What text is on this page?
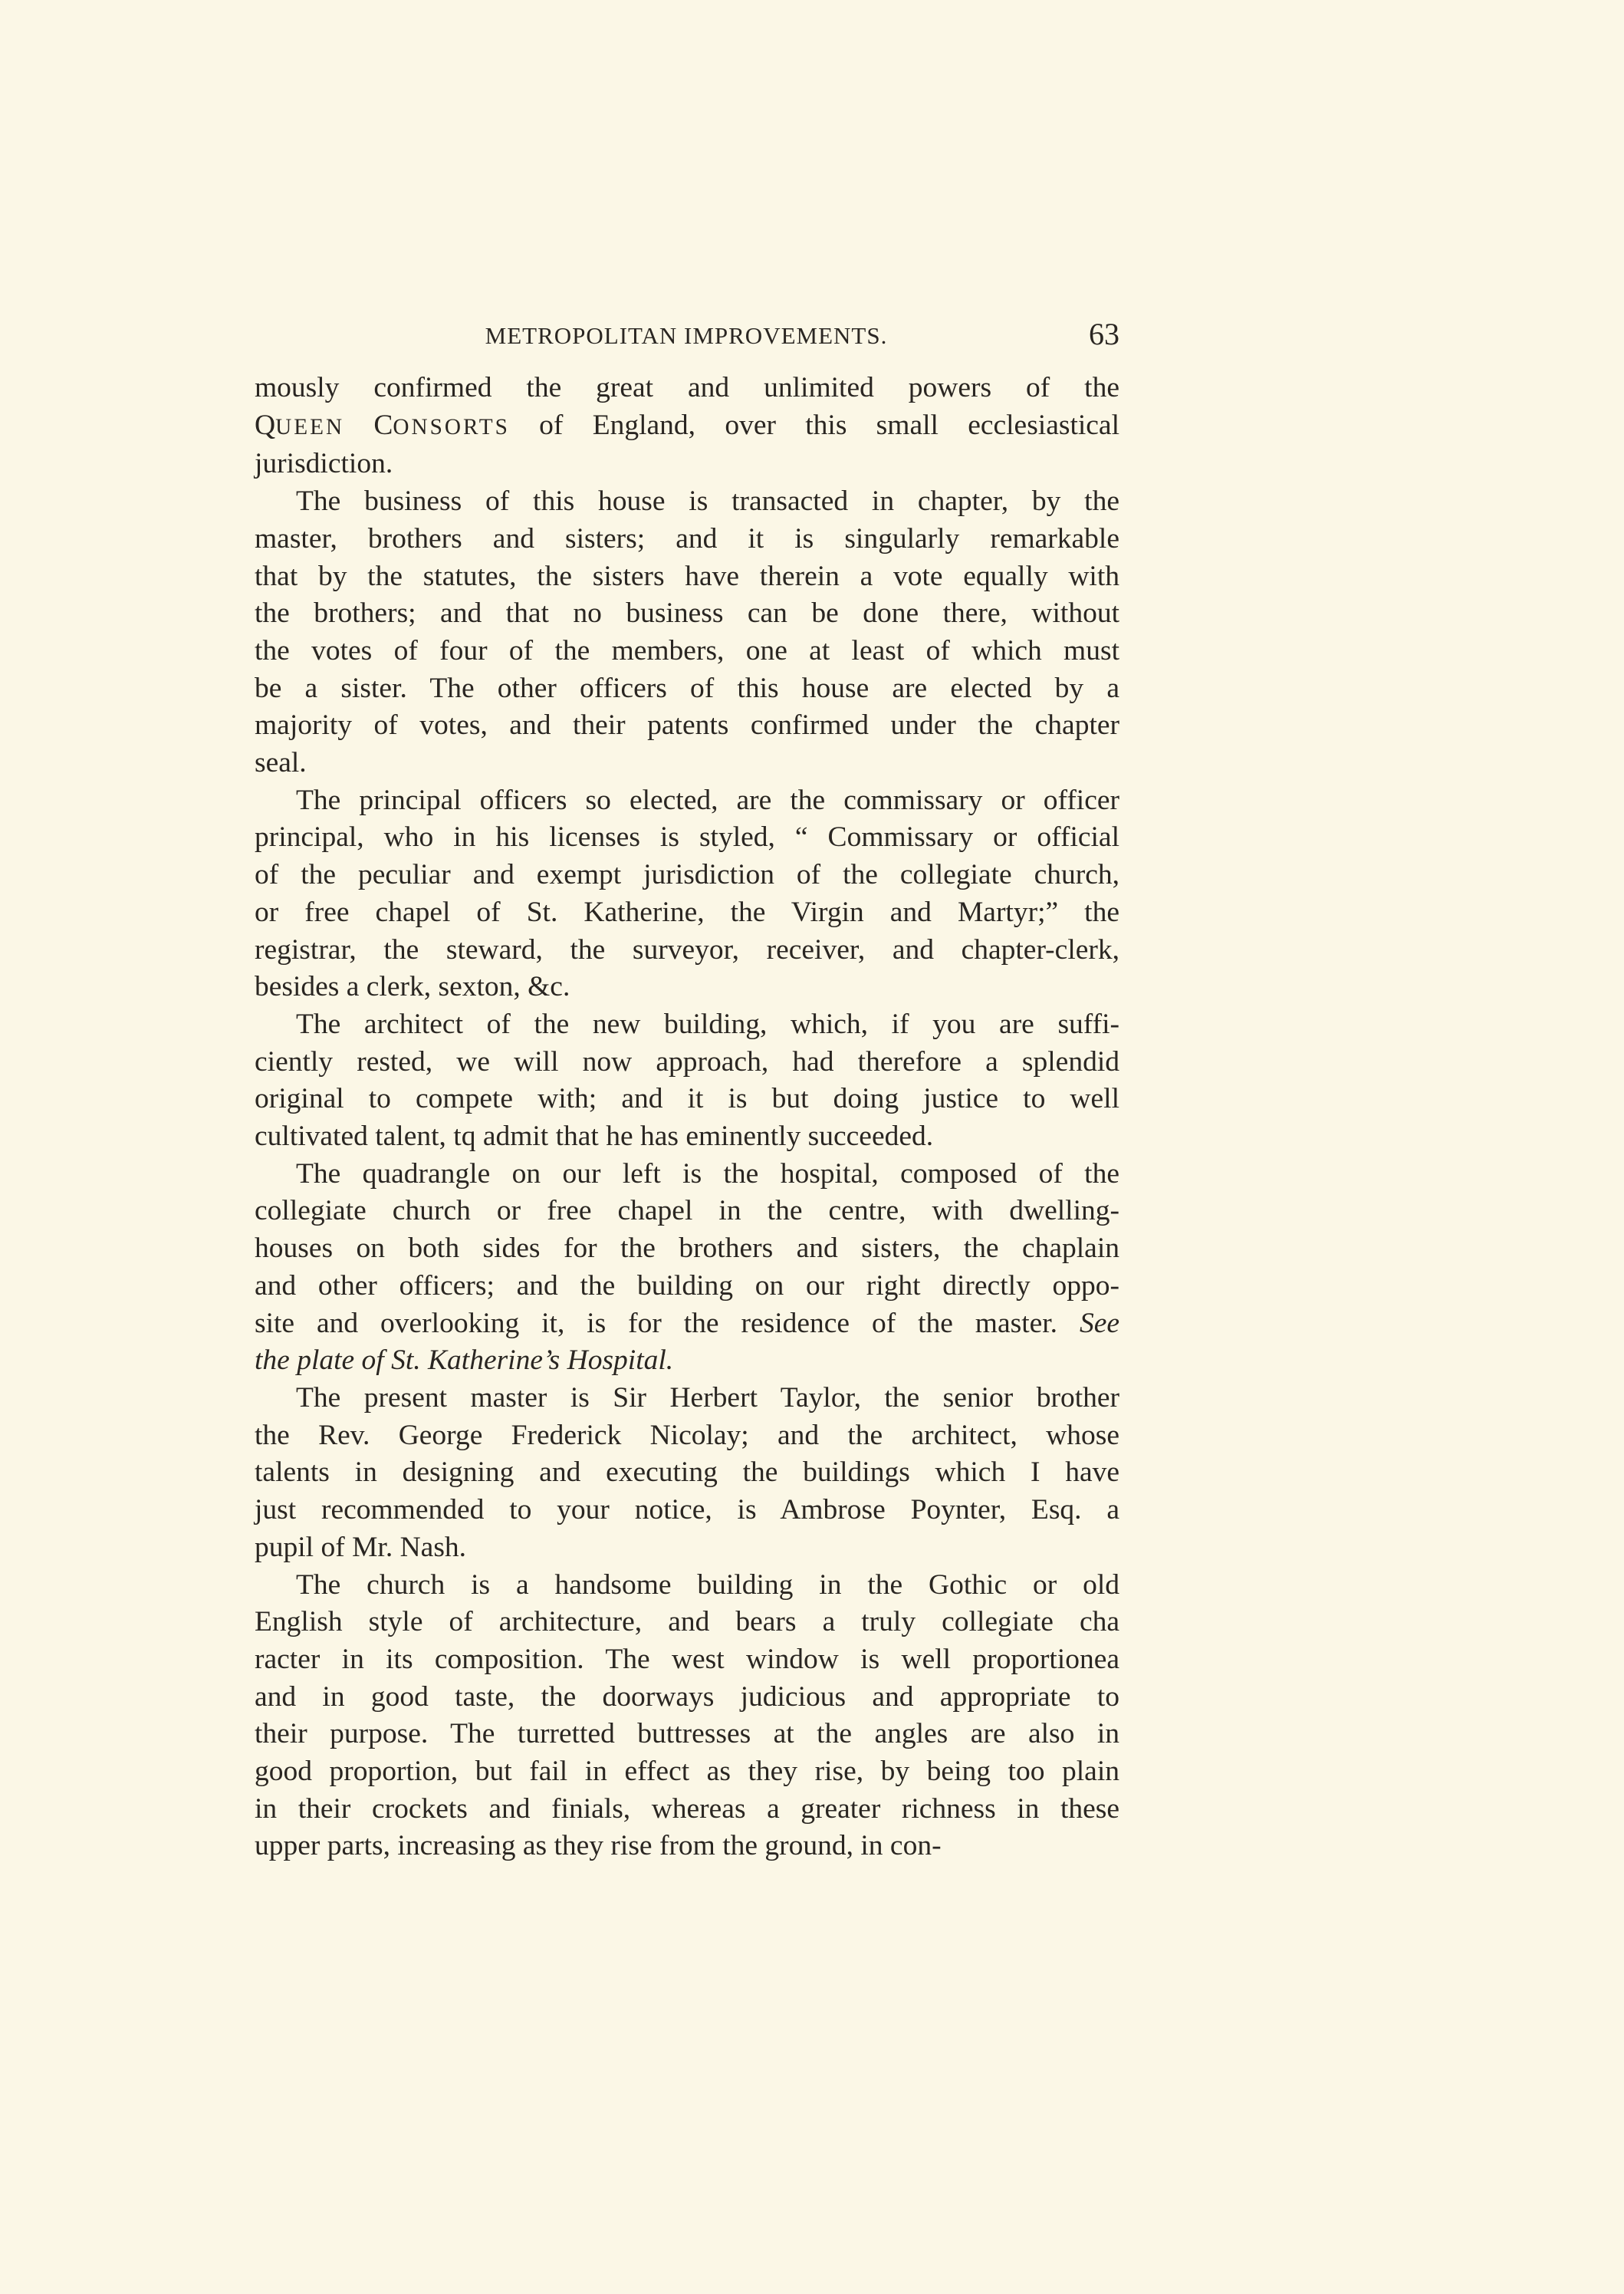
METROPOLITAN IMPROVEMENTS.	63
mously confirmed the great and unlimited powers of the
QUEEN CONSORTS of England, over this small ecclesiastical
jurisdiction.
The business of this house is transacted in chapter, by the
master, brothers and sisters; and it is singularly remarkable
that by the statutes, the sisters have therein a vote equally with
the brothers; and that no business can be done there, without
the votes of four of the members, one at least of which must
be a sister. The other officers of this house are elected by a
majority of votes, and their patents confirmed under the chapter
seal.
The principal officers so elected, are the commissary or officer
principal, who in his licenses is styled, “ Commissary or official
of the peculiar and exempt jurisdiction of the collegiate church,
or free chapel of St. Katherine, the Virgin and Martyr;” the
registrar, the steward, the surveyor, receiver, and chapter-clerk,
besides a clerk, sexton, &c.
The architect of the new building, which, if you are suffi-
ciently rested, we will now approach, had therefore a splendid
original to compete with; and it is but doing justice to well
cultivated talent, tq admit that he has eminently succeeded.
The quadrangle on our left is the hospital, composed of the
collegiate church or free chapel in the centre, with dwelling-
houses on both sides for the brothers and sisters, the chaplain
and other officers; and the building on our right directly oppo-
site and overlooking it, is for the residence of the master. See
the plate of St. Katherine’s Hospital.
The present master is Sir Herbert Taylor, the senior brother
the Rev. George Frederick Nicolay; and the architect, whose
talents in designing and executing the buildings which I have
just recommended to your notice, is Ambrose Poynter, Esq. a
pupil of Mr. Nash.
The church is a handsome building in the Gothic or old
English style of architecture, and bears a truly collegiate cha
racter in its composition. The west window is well proportionea
and in good taste, the doorways judicious and appropriate to
their purpose. The turretted buttresses at the angles are also in
good proportion, but fail in effect as they rise, by being too plain
in their crockets and finials, whereas a greater richness in these
upper parts, increasing as they rise from the ground, in con-
